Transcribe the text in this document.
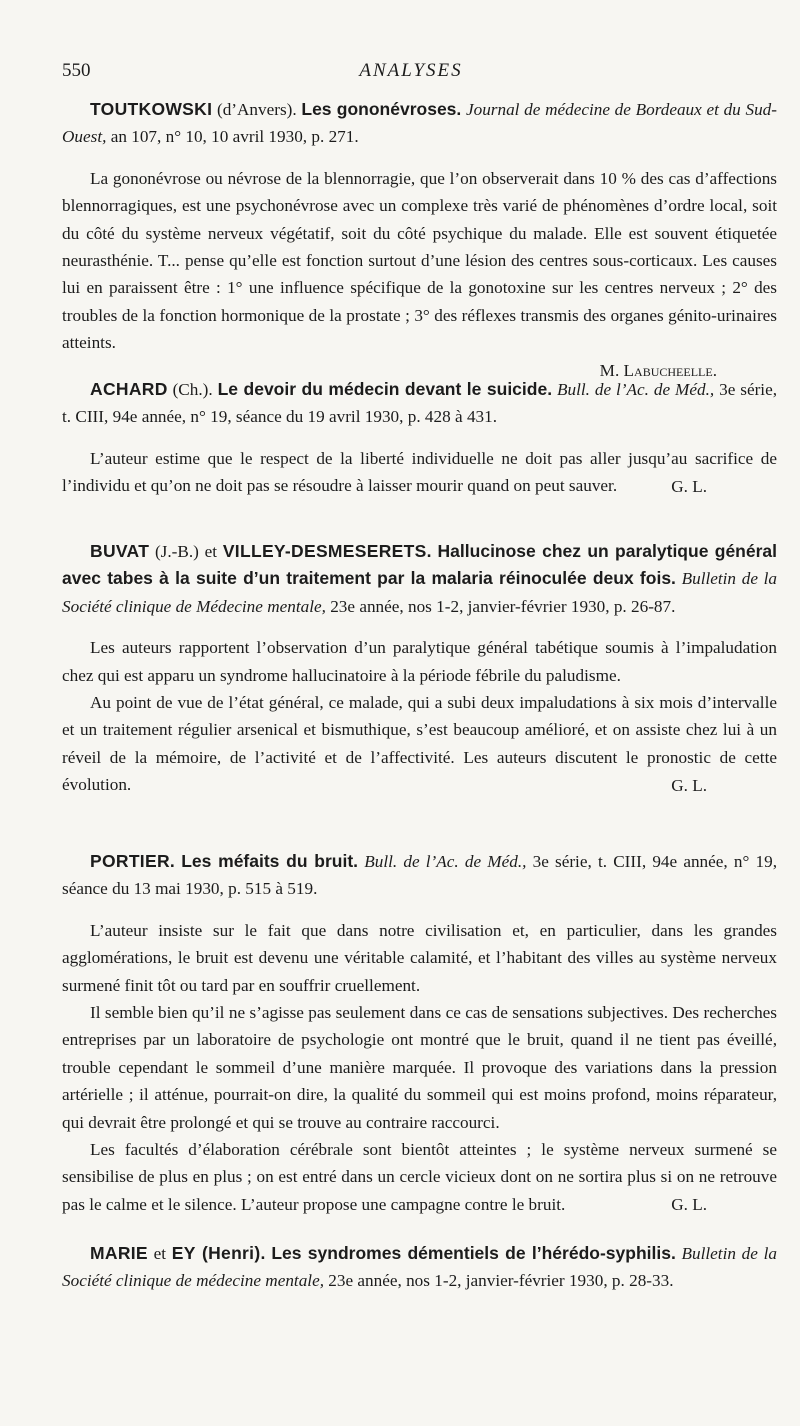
550	ANALYSES

TOUTKOWSKI (d’Anvers). Les gononévroses. Journal de médecine de Bordeaux et du Sud-Ouest, an 107, n° 10, 10 avril 1930, p. 271.

La gononévrose ou névrose de la blennorragie, que l’on observerait dans 10 % des cas d’affections blennorragiques, est une psychonévrose avec un complexe très varié de phénomènes d’ordre local, soit du côté du système nerveux végétatif, soit du côté psychique du malade. Elle est souvent étiquetée neurasthénie. T... pense qu’elle est fonction surtout d’une lésion des centres sous-corticaux. Les causes lui en paraissent être : 1° une influence spécifique de la gonotoxine sur les centres nerveux ; 2° des troubles de la fonction hormonique de la prostate ; 3° des réflexes transmis des organes génito-urinaires atteints.

M. Labucheelle.

ACHARD (Ch.). Le devoir du médecin devant le suicide. Bull. de l’Ac. de Méd., 3e série, t. CIII, 94e année, n° 19, séance du 19 avril 1930, p. 428 à 431.

L’auteur estime que le respect de la liberté individuelle ne doit pas aller jusqu’au sacrifice de l’individu et qu’on ne doit pas se résoudre à laisser mourir quand on peut sauver.	G. L.

BUVAT (J.-B.) et VILLEY-DESMESERETS. Hallucinose chez un paralytique général avec tabes à la suite d’un traitement par la malaria réinoculée deux fois. Bulletin de la Société clinique de Médecine mentale, 23e année, nos 1-2, janvier-février 1930, p. 26-87.

Les auteurs rapportent l’observation d’un paralytique général tabétique soumis à l’impaludation chez qui est apparu un syndrome hallucinatoire à la période fébrile du paludisme.

Au point de vue de l’état général, ce malade, qui a subi deux impaludations à six mois d’intervalle et un traitement régulier arsenical et bismuthique, s’est beaucoup amélioré, et on assiste chez lui à un réveil de la mémoire, de l’activité et de l’affectivité. Les auteurs discutent le pronostic de cette évolution.	G. L.

PORTIER. Les méfaits du bruit. Bull. de l’Ac. de Méd., 3e série, t. CIII, 94e année, n° 19, séance du 13 mai 1930, p. 515 à 519.

L’auteur insiste sur le fait que dans notre civilisation et, en particulier, dans les grandes agglomérations, le bruit est devenu une véritable calamité, et l’habitant des villes au système nerveux surmené finit tôt ou tard par en souffrir cruellement.

Il semble bien qu’il ne s’agisse pas seulement dans ce cas de sensations subjectives. Des recherches entreprises par un laboratoire de psychologie ont montré que le bruit, quand il ne tient pas éveillé, trouble cependant le sommeil d’une manière marquée. Il provoque des variations dans la pression artérielle ; il atténue, pourrait-on dire, la qualité du sommeil qui est moins profond, moins réparateur, qui devrait être prolongé et qui se trouve au contraire raccourci.

Les facultés d’élaboration cérébrale sont bientôt atteintes ; le système nerveux surmené se sensibilise de plus en plus ; on est entré dans un cercle vicieux dont on ne sortira plus si on ne retrouve pas le calme et le silence. L’auteur propose une campagne contre le bruit.	G. L.

MARIE et EY (Henri). Les syndromes démentiels de l’hérédo-syphilis. Bulletin de la Société clinique de médecine mentale, 23e année, nos 1-2, janvier-février 1930, p. 28-33.
